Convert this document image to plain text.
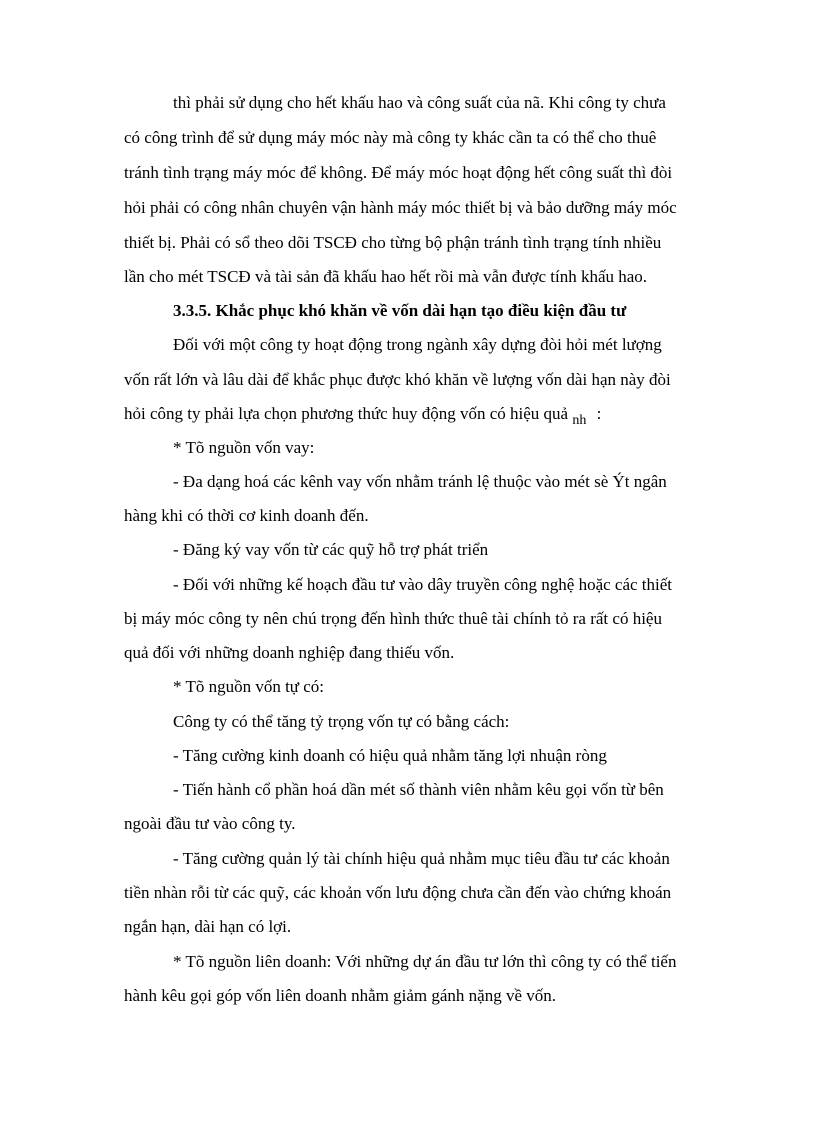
thì phải sử dụng cho hết khấu hao và công suất của nã. Khi công ty chưa
có công trình để sử dụng máy móc này mà công ty khác cần ta có thể cho thuê
tránh tình trạng máy móc để không. Để máy móc hoạt động hết công suất thì đòi
hỏi phải có công nhân chuyên vận hành máy móc thiết bị và bảo dưỡng máy móc
thiết bị. Phải có sổ theo dõi TSCĐ cho từng bộ phận tránh tình trạng tính nhiều
lần cho mét TSCĐ và tài sản đã khấu hao hết rồi mà vẫn được tính khấu hao.
3.3.5. Khắc phục khó khăn về vốn dài hạn tạo điều kiện đầu tư
Đối với một công ty hoạt động trong ngành xây dựng đòi hỏi mét lượng
vốn rất lớn và lâu dài để khắc phục được khó khăn về lượng vốn dài hạn này đòi
hỏi công ty phải lựa chọn phương thức huy động vốn có hiệu quả $_{nh}$ :
* Tõ nguồn vốn vay:
- Đa dạng hoá các kênh vay vốn nhằm tránh lệ thuộc vào mét sè Ýt ngân
hàng khi có thời cơ kinh doanh đến.
- Đăng ký vay vốn từ các quỹ hỗ trợ phát triển
- Đối với những kế hoạch đầu tư vào dây truyền công nghệ hoặc các thiết
bị máy móc công ty nên chú trọng đến hình thức thuê tài chính tỏ ra rất có hiệu
quả đối với những doanh nghiệp đang thiếu vốn.
* Tõ nguồn vốn tự có:
Công ty có thể tăng tỷ trọng vốn tự có bằng cách:
- Tăng cường kinh doanh có hiệu quả nhằm tăng lợi nhuận ròng
- Tiến hành cổ phần hoá dần mét số thành viên nhằm kêu gọi vốn từ bên
ngoài đầu tư vào công ty.
- Tăng cường quản lý tài chính hiệu quả nhằm mục tiêu đầu tư các khoản
tiền nhàn rỗi từ các quỹ, các khoản vốn lưu động chưa cần đến vào chứng khoán
ngắn hạn, dài hạn có lợi.
* Tõ nguồn liên doanh: Với những dự án đầu tư lớn thì công ty có thể tiến
hành kêu gọi góp vốn liên doanh nhằm giảm gánh nặng về vốn.
